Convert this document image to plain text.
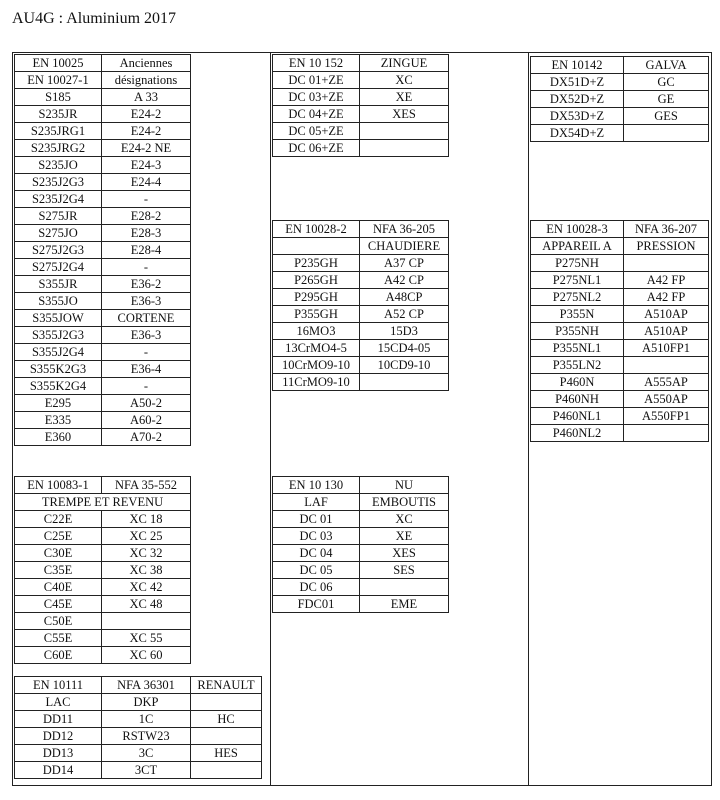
AU4G : Aluminium 2017
EN 10025	Anciennes
EN 10027-1	désignations
S185	A 33
S235JR	E24-2
S235JRG1	E24-2
S235JRG2	E24-2 NE
S235JO	E24-3
S235J2G3	E24-4
S235J2G4	-
S275JR	E28-2
S275JO	E28-3
S275J2G3	E28-4
S275J2G4	-
S355JR	E36-2
S355JO	E36-3
S355JOW	CORTENE
S355J2G3	E36-3
S355J2G4	-
S355K2G3	E36-4
S355K2G4	-
E295	A50-2
E335	A60-2
E360	A70-2
EN 10083-1	NFA 35-552
TREMPE ET REVENU	
C22E	XC 18
C25E	XC 25
C30E	XC 32
C35E	XC 38
C40E	XC 42
C45E	XC 48
C50E	
C55E	XC 55
C60E	XC 60
EN 10111	NFA 36301	RENAULT
LAC	DKP	
DD11	1C	HC
DD12	RSTW23	
DD13	3C	HES
DD14	3CT	
EN 10 152	ZINGUE
DC 01+ZE	XC
DC 03+ZE	XE
DC 04+ZE	XES
DC 05+ZE	
DC 06+ZE	
EN 10028-2	NFA 36-205
	CHAUDIERE
P235GH	A37 CP
P265GH	A42 CP
P295GH	A48CP
P355GH	A52 CP
16MO3	15D3
13CrMO4-5	15CD4-05
10CrMO9-10	10CD9-10
11CrMO9-10	
EN 10 130	NU
LAF	EMBOUTIS
DC 01	XC
DC 03	XE
DC 04	XES
DC 05	SES
DC 06	
FDC01	EME
EN 10142	GALVA
DX51D+Z	GC
DX52D+Z	GE
DX53D+Z	GES
DX54D+Z	
EN 10028-3	NFA 36-207
APPAREIL A	PRESSION
P275NH	
P275NL1	A42 FP
P275NL2	A42 FP
P355N	A510AP
P355NH	A510AP
P355NL1	A510FP1
P355LN2	
P460N	A555AP
P460NH	A550AP
P460NL1	A550FP1
P460NL2	
